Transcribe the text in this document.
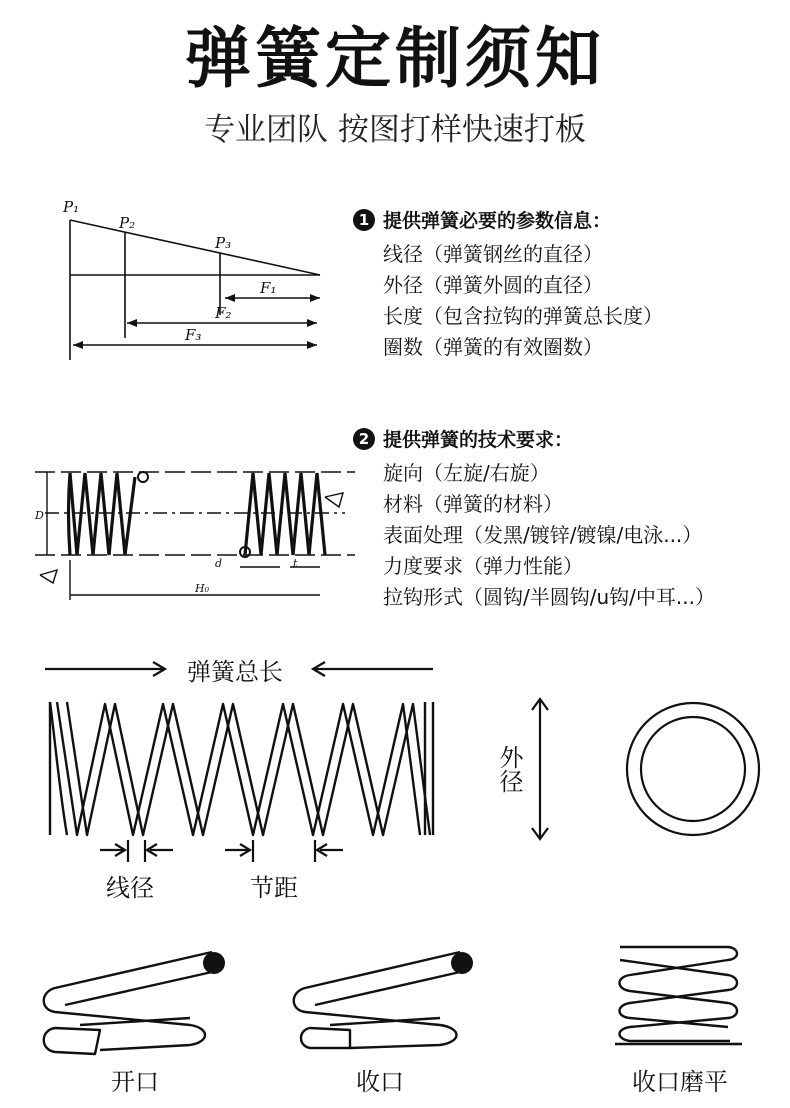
弹簧定制须知
专业团队 按图打样快速打板
P₁
P₂
P₃
F₁
F₂
F₃
1 提供弹簧必要的参数信息：
线径（弹簧钢丝的直径）
外径（弹簧外圆的直径）
长度（包含拉钩的弹簧总长度）
圈数（弹簧的有效圈数）
D
d	t
H₀
2 提供弹簧的技术要求：
旋向（左旋/右旋）
材料（弹簧的材料）
表面处理（发黑/镀锌/镀镍/电泳...）
力度要求（弹力性能）
拉钩形式（圆钩/半圆钩/u钩/中耳...）
弹簧总长
线径	节距
外径
开口	收口	收口磨平
